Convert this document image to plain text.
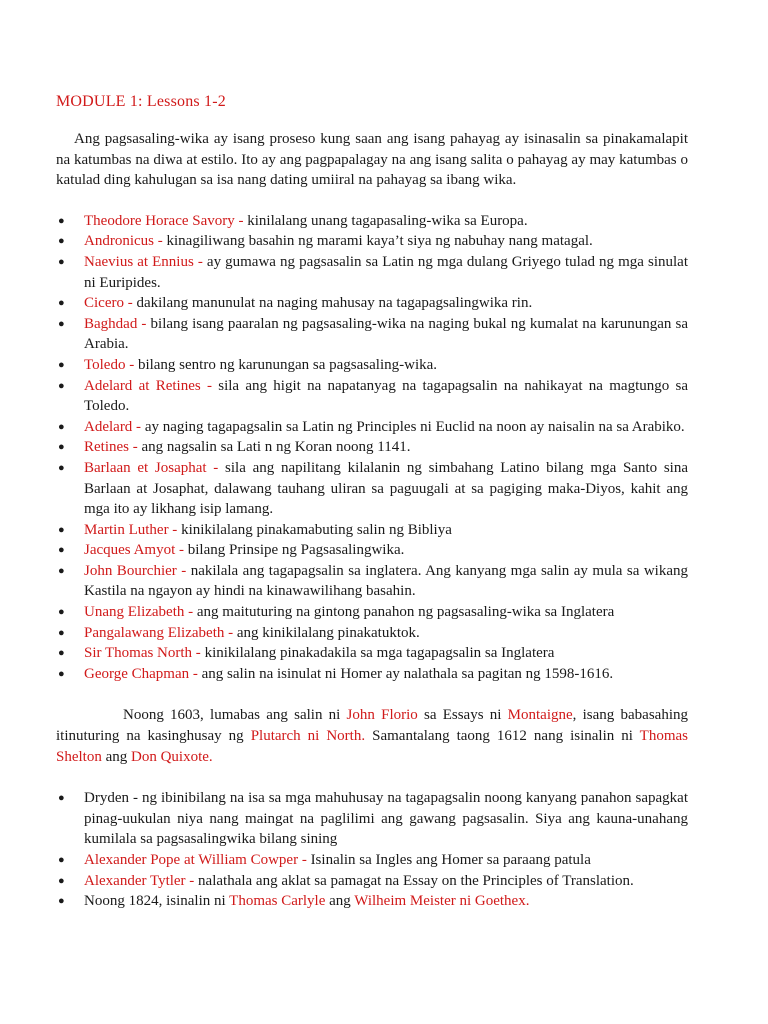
MODULE 1: Lessons 1-2

Ang pagsasaling-wika ay isang proseso kung saan ang isang pahayag ay isinasalin sa pinakamalapit na katumbas na diwa at estilo. Ito ay ang pagpapalagay na ang isang salita o pahayag ay may katumbas o katulad ding kahulugan sa isa nang dating umiiral na pahayag sa ibang wika.

● Theodore Horace Savory - kinilalang unang tagapasaling-wika sa Europa.
● Andronicus - kinagiliwang basahin ng marami kaya’t siya ng nabuhay nang matagal.
● Naevius at Ennius - ay gumawa ng pagsasalin sa Latin ng mga dulang Griyego tulad ng mga sinulat ni Euripides.
● Cicero - dakilang manunulat na naging mahusay na tagapagsalingwika rin.
● Baghdad - bilang isang paaralan ng pagsasaling-wika na naging bukal ng kumalat na karunungan sa Arabia.
● Toledo - bilang sentro ng karunungan sa pagsasaling-wika.
● Adelard at Retines - sila ang higit na napatanyag na tagapagsalin na nahikayat na magtungo sa Toledo.
● Adelard - ay naging tagapagsalin sa Latin ng Principles ni Euclid na noon ay naisalin na sa Arabiko.
● Retines - ang nagsalin sa Lati n ng Koran noong 1141.
● Barlaan et Josaphat - sila ang napilitang kilalanin ng simbahang Latino bilang mga Santo sina Barlaan at Josaphat, dalawang tauhang uliran sa paguugali at sa pagiging maka-Diyos, kahit ang mga ito ay likhang isip lamang.
● Martin Luther - kinikilalang pinakamabuting salin ng Bibliya
● Jacques Amyot - bilang Prinsipe ng Pagsasalingwika.
● John Bourchier - nakilala ang tagapagsalin sa inglatera. Ang kanyang mga salin ay mula sa wikang Kastila na ngayon ay hindi na kinawawilihang basahin.
● Unang Elizabeth - ang maituturing na gintong panahon ng pagsasaling-wika sa Inglatera
● Pangalawang Elizabeth - ang kinikilalang pinakatuktok.
● Sir Thomas North - kinikilalang pinakadakila sa mga tagapagsalin sa Inglatera
● George Chapman - ang salin na isinulat ni Homer ay nalathala sa pagitan ng 1598-1616.

Noong 1603, lumabas ang salin ni John Florio sa Essays ni Montaigne, isang babasahing itinuturing na kasinghusay ng Plutarch ni North. Samantalang taong 1612 nang isinalin ni Thomas Shelton ang Don Quixote.

● Dryden - ng ibinibilang na isa sa mga mahuhusay na tagapagsalin noong kanyang panahon sapagkat pinag-uukulan niya nang maingat na paglilimi ang gawang pagsasalin. Siya ang kauna-unahang kumilala sa pagsasalingwika bilang sining
● Alexander Pope at William Cowper - Isinalin sa Ingles ang Homer sa paraang patula
● Alexander Tytler - nalathala ang aklat sa pamagat na Essay on the Principles of Translation.
● Noong 1824, isinalin ni Thomas Carlyle ang Wilheim Meister ni Goethex.
